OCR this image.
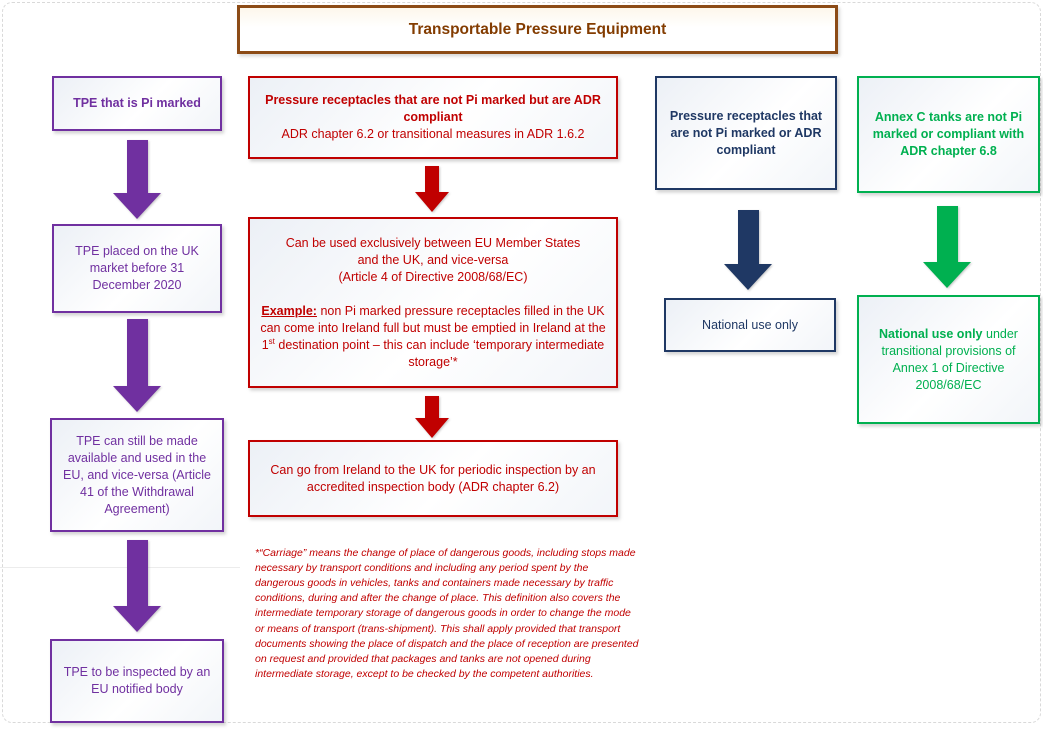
Transportable Pressure Equipment
TPE that is Pi marked
TPE placed on the UK market before 31 December 2020
TPE can still be made available and used in the EU, and vice-versa (Article 41 of the Withdrawal Agreement)
TPE to be inspected by an EU notified body
Pressure receptacles that are not Pi marked but are ADR compliant
ADR chapter 6.2 or transitional measures in ADR 1.6.2
Can be used exclusively between EU Member States
and the UK, and vice-versa
(Article 4 of Directive 2008/68/EC)
Example: non Pi marked pressure receptacles filled in the UK can come into Ireland full but must be emptied in Ireland at the 1st destination point – this can include ‘temporary intermediate storage’*
Can go from Ireland to the UK for periodic inspection by an accredited inspection body (ADR chapter 6.2)
*“Carriage” means the change of place of dangerous goods, including stops made necessary by transport conditions and including any period spent by the dangerous goods in vehicles, tanks and containers made necessary by traffic conditions, during and after the change of place. This definition also covers the intermediate temporary storage of dangerous goods in order to change the mode or means of transport (trans-shipment). This shall apply provided that transport documents showing the place of dispatch and the place of reception are presented on request and provided that packages and tanks are not opened during intermediate storage, except to be checked by the competent authorities.
Pressure receptacles that are not Pi marked or ADR compliant
National use only
Annex C tanks are not Pi marked or compliant with ADR chapter 6.8
National use only under transitional provisions of Annex 1 of Directive 2008/68/EC
